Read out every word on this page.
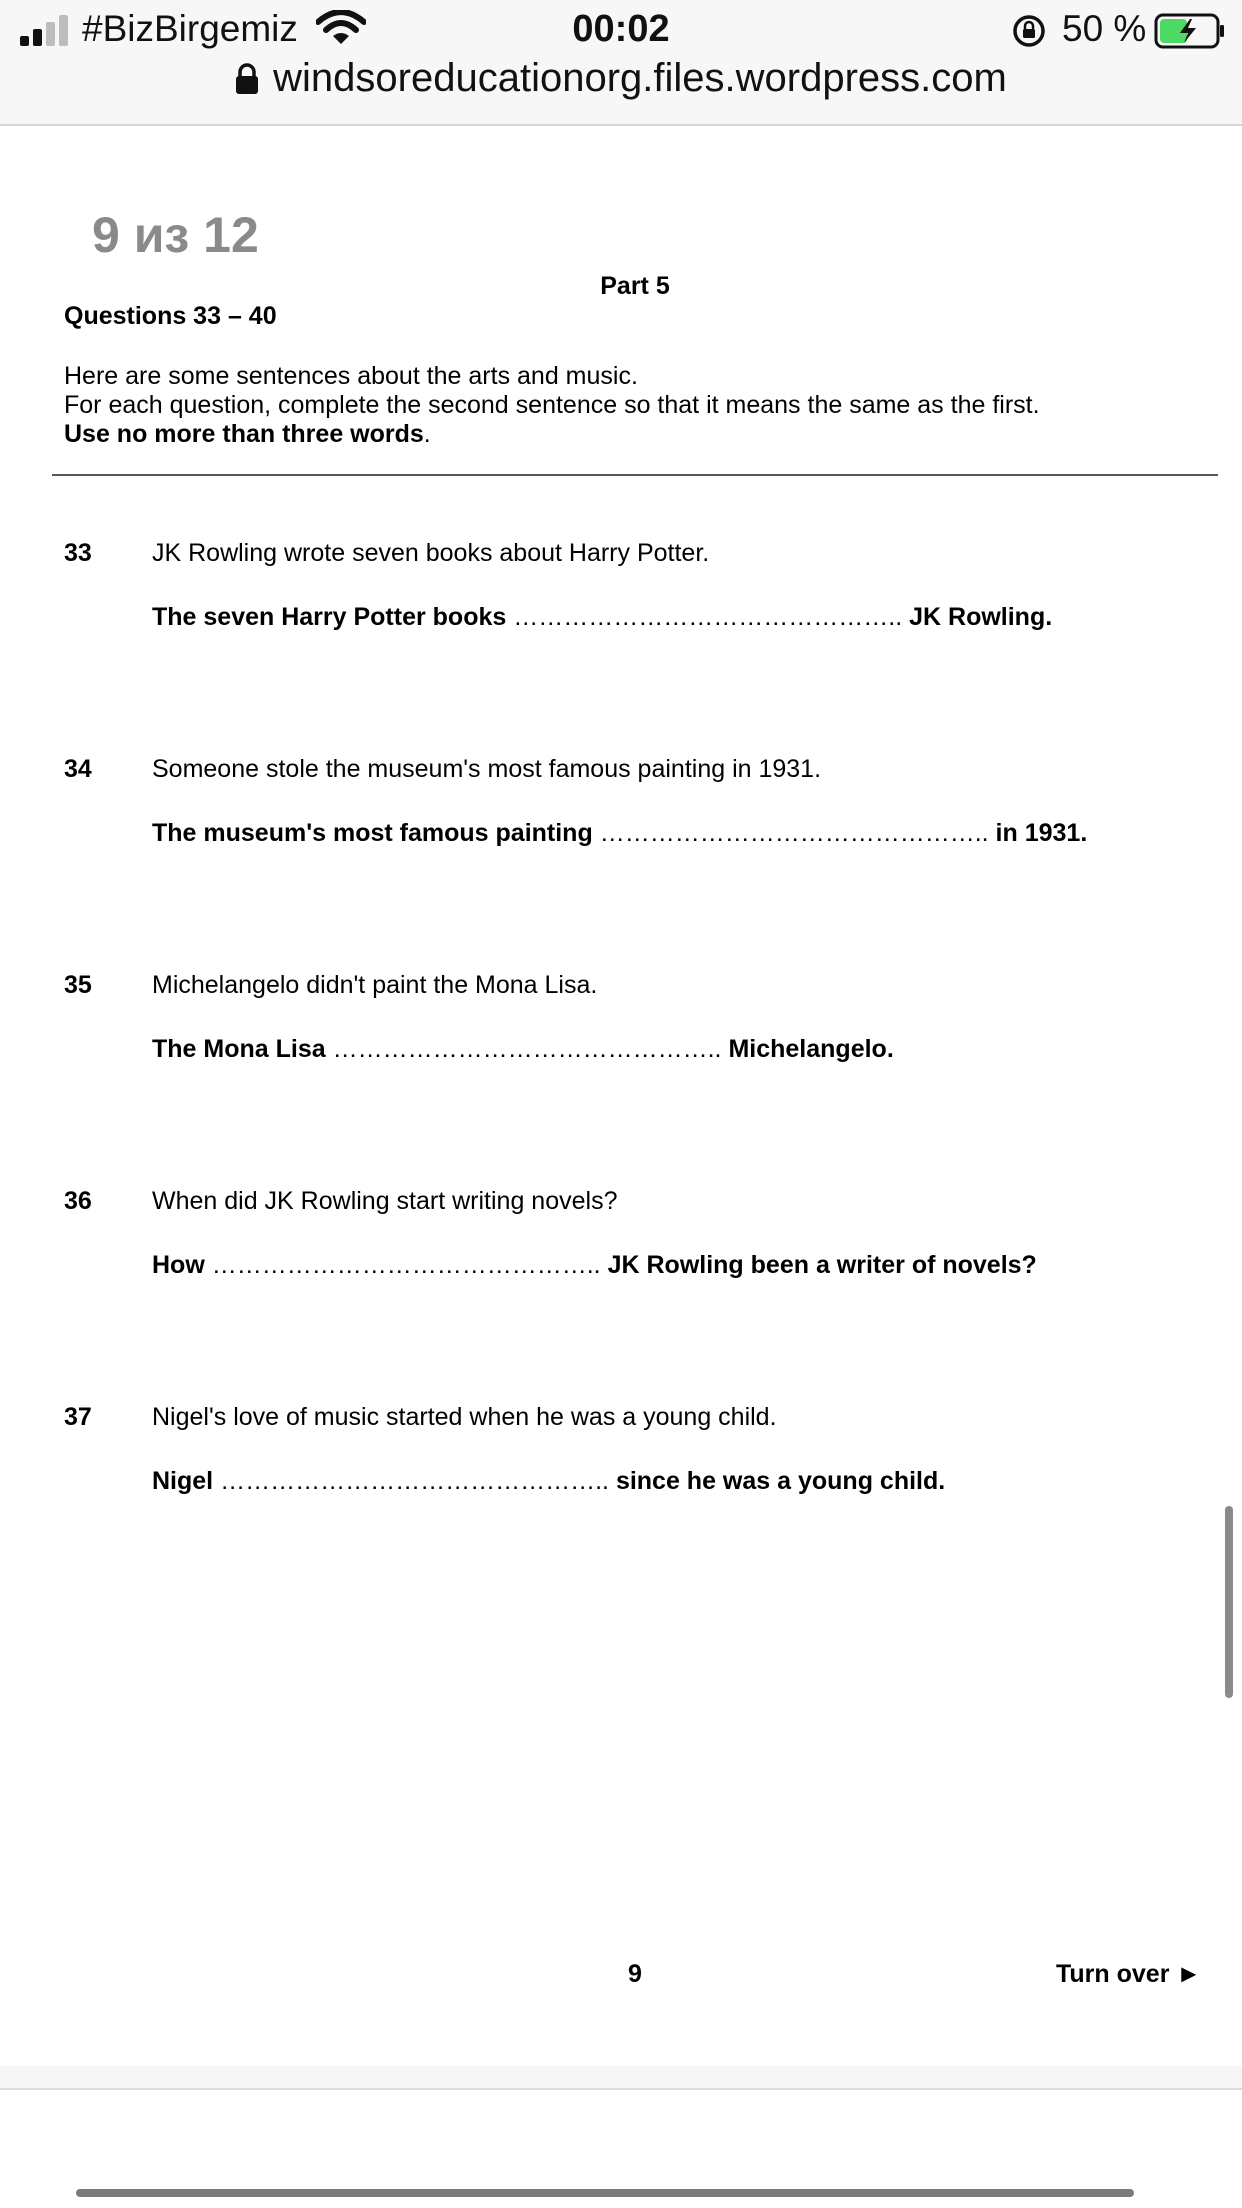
#BizBirgemiz	00:02	50 %
windsoreducationorg.files.wordpress.com
9 из 12
Part 5
Questions 33 – 40
Here are some sentences about the arts and music.
For each question, complete the second sentence so that it means the same as the first.
Use no more than three words.
33 JK Rowling wrote seven books about Harry Potter.
The seven Harry Potter books ……………………………………….. JK Rowling.
34 Someone stole the museum's most famous painting in 1931.
The museum's most famous painting ……………………………………….. in 1931.
35 Michelangelo didn't paint the Mona Lisa.
The Mona Lisa ……………………………………….. Michelangelo.
36 When did JK Rowling start writing novels?
How ……………………………………….. JK Rowling been a writer of novels?
37 Nigel's love of music started when he was a young child.
Nigel ……………………………………….. since he was a young child.
9	Turn over ►
